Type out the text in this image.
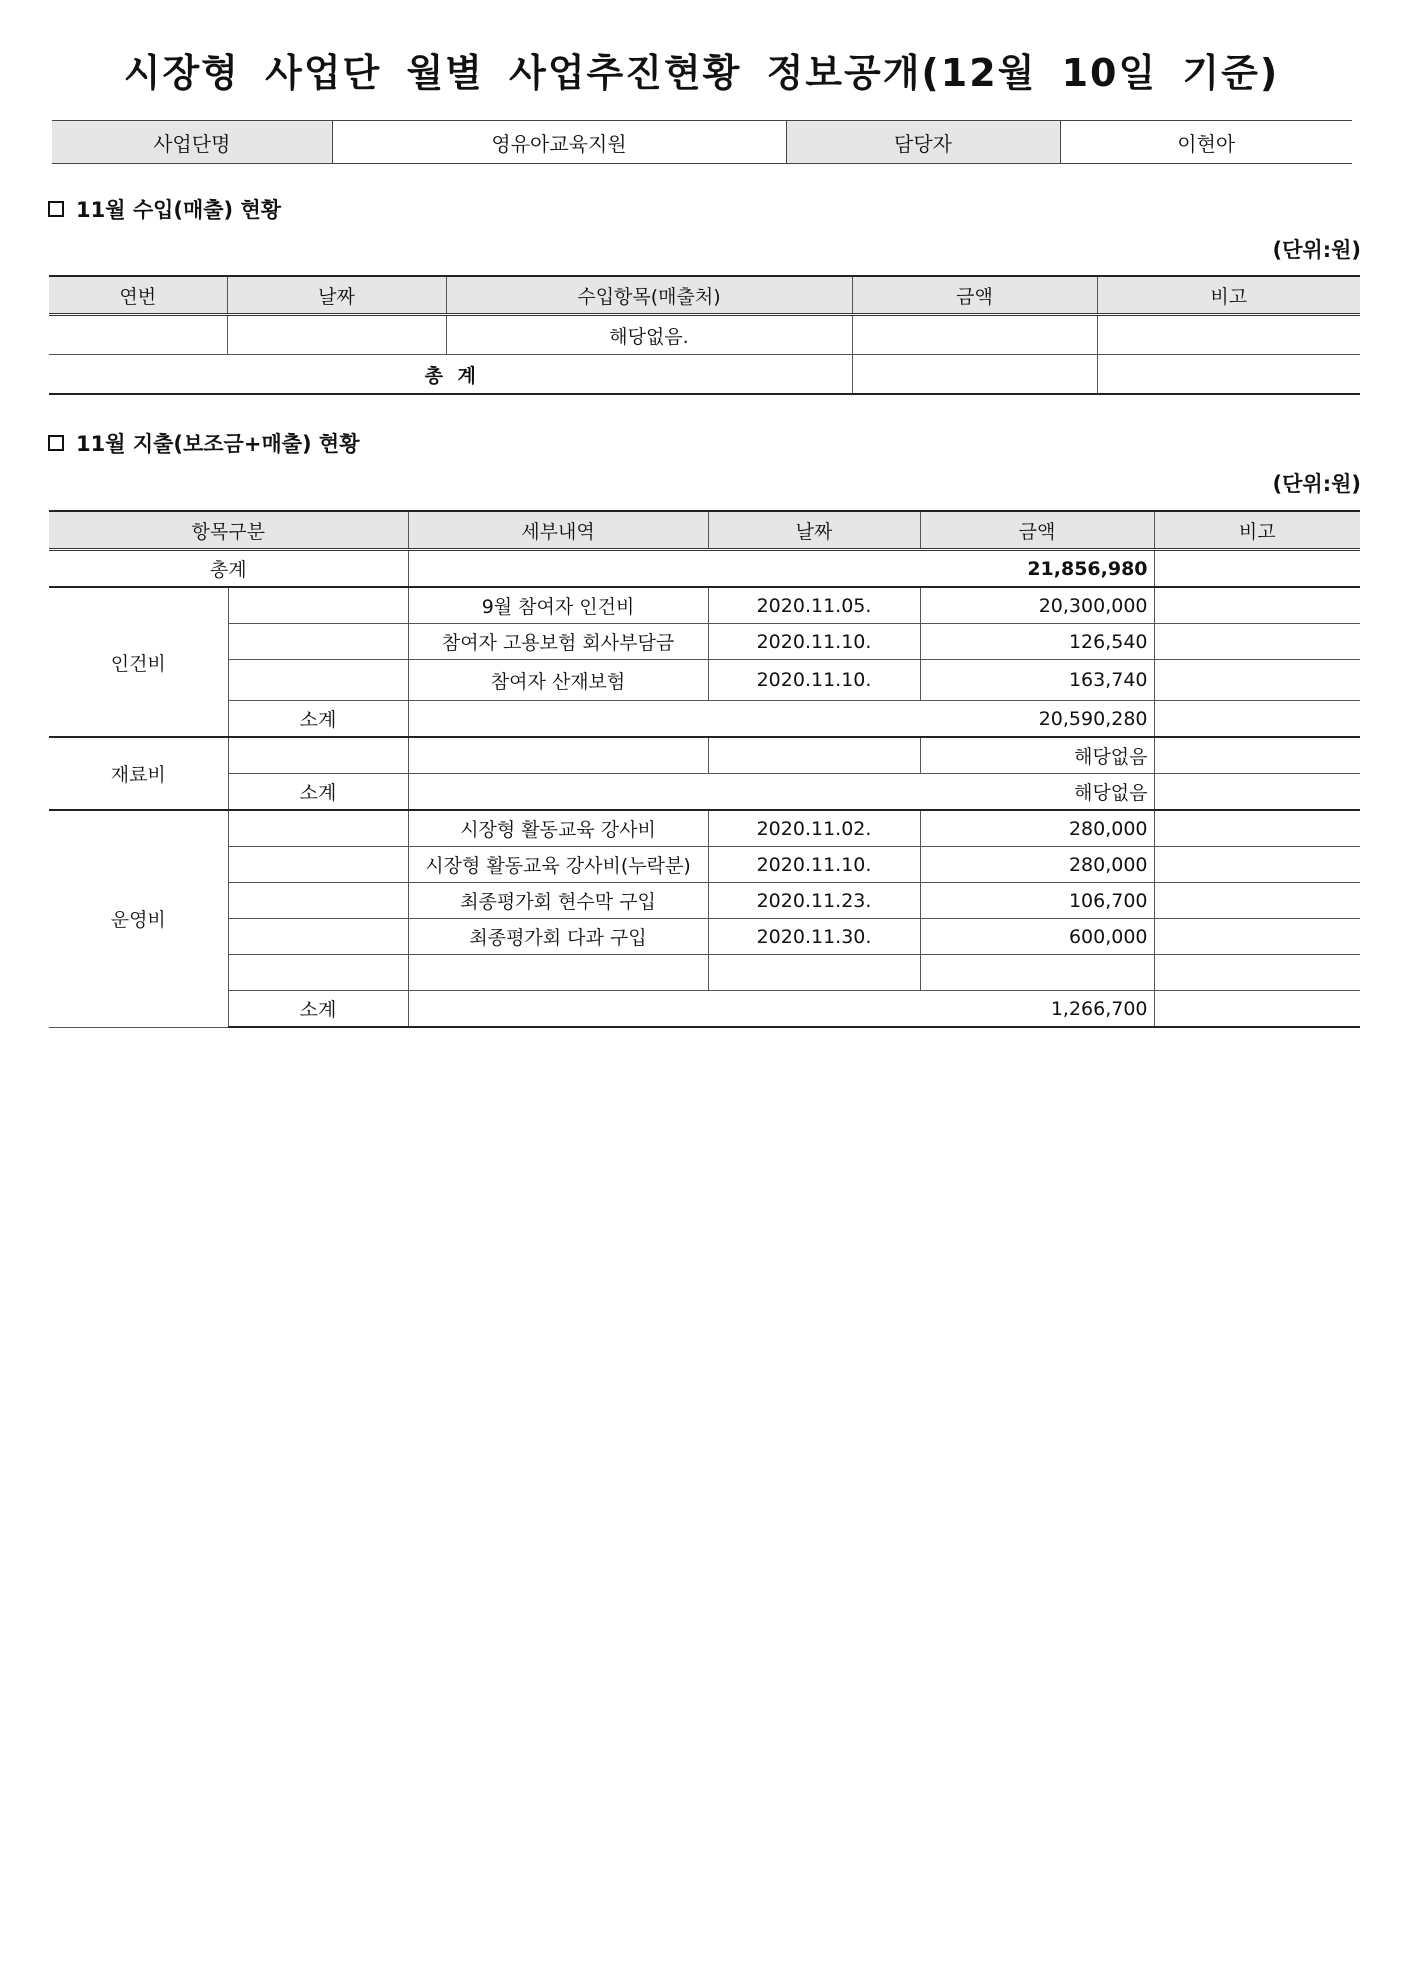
시장형 사업단 월별 사업추진현황 정보공개(12월 10일 기준)
사업단명	영유아교육지원	담당자	이현아
11월 수입(매출) 현황
(단위:원)
연번	날짜	수입항목(매출처)	금액	비고
		해당없음.		
총 계				
11월 지출(보조금+매출) 현황
(단위:원)
항목구분		세부내역	날짜	금액	비고
총계		21,856,980			
인건비		9월 참여자 인건비	2020.11.05.	20,300,000	
		참여자 고용보험 회사부담금	2020.11.10.	126,540	
		참여자 산재보험	2020.11.10.	163,740	
	소계	20,590,280			
재료비				해당없음	
	소계	해당없음			
운영비		시장형 활동교육 강사비	2020.11.02.	280,000	
		시장형 활동교육 강사비(누락분)	2020.11.10.	280,000	
		최종평가회 현수막 구입	2020.11.23.	106,700	
		최종평가회 다과 구입	2020.11.30.	600,000	

	소계	1,266,700			
